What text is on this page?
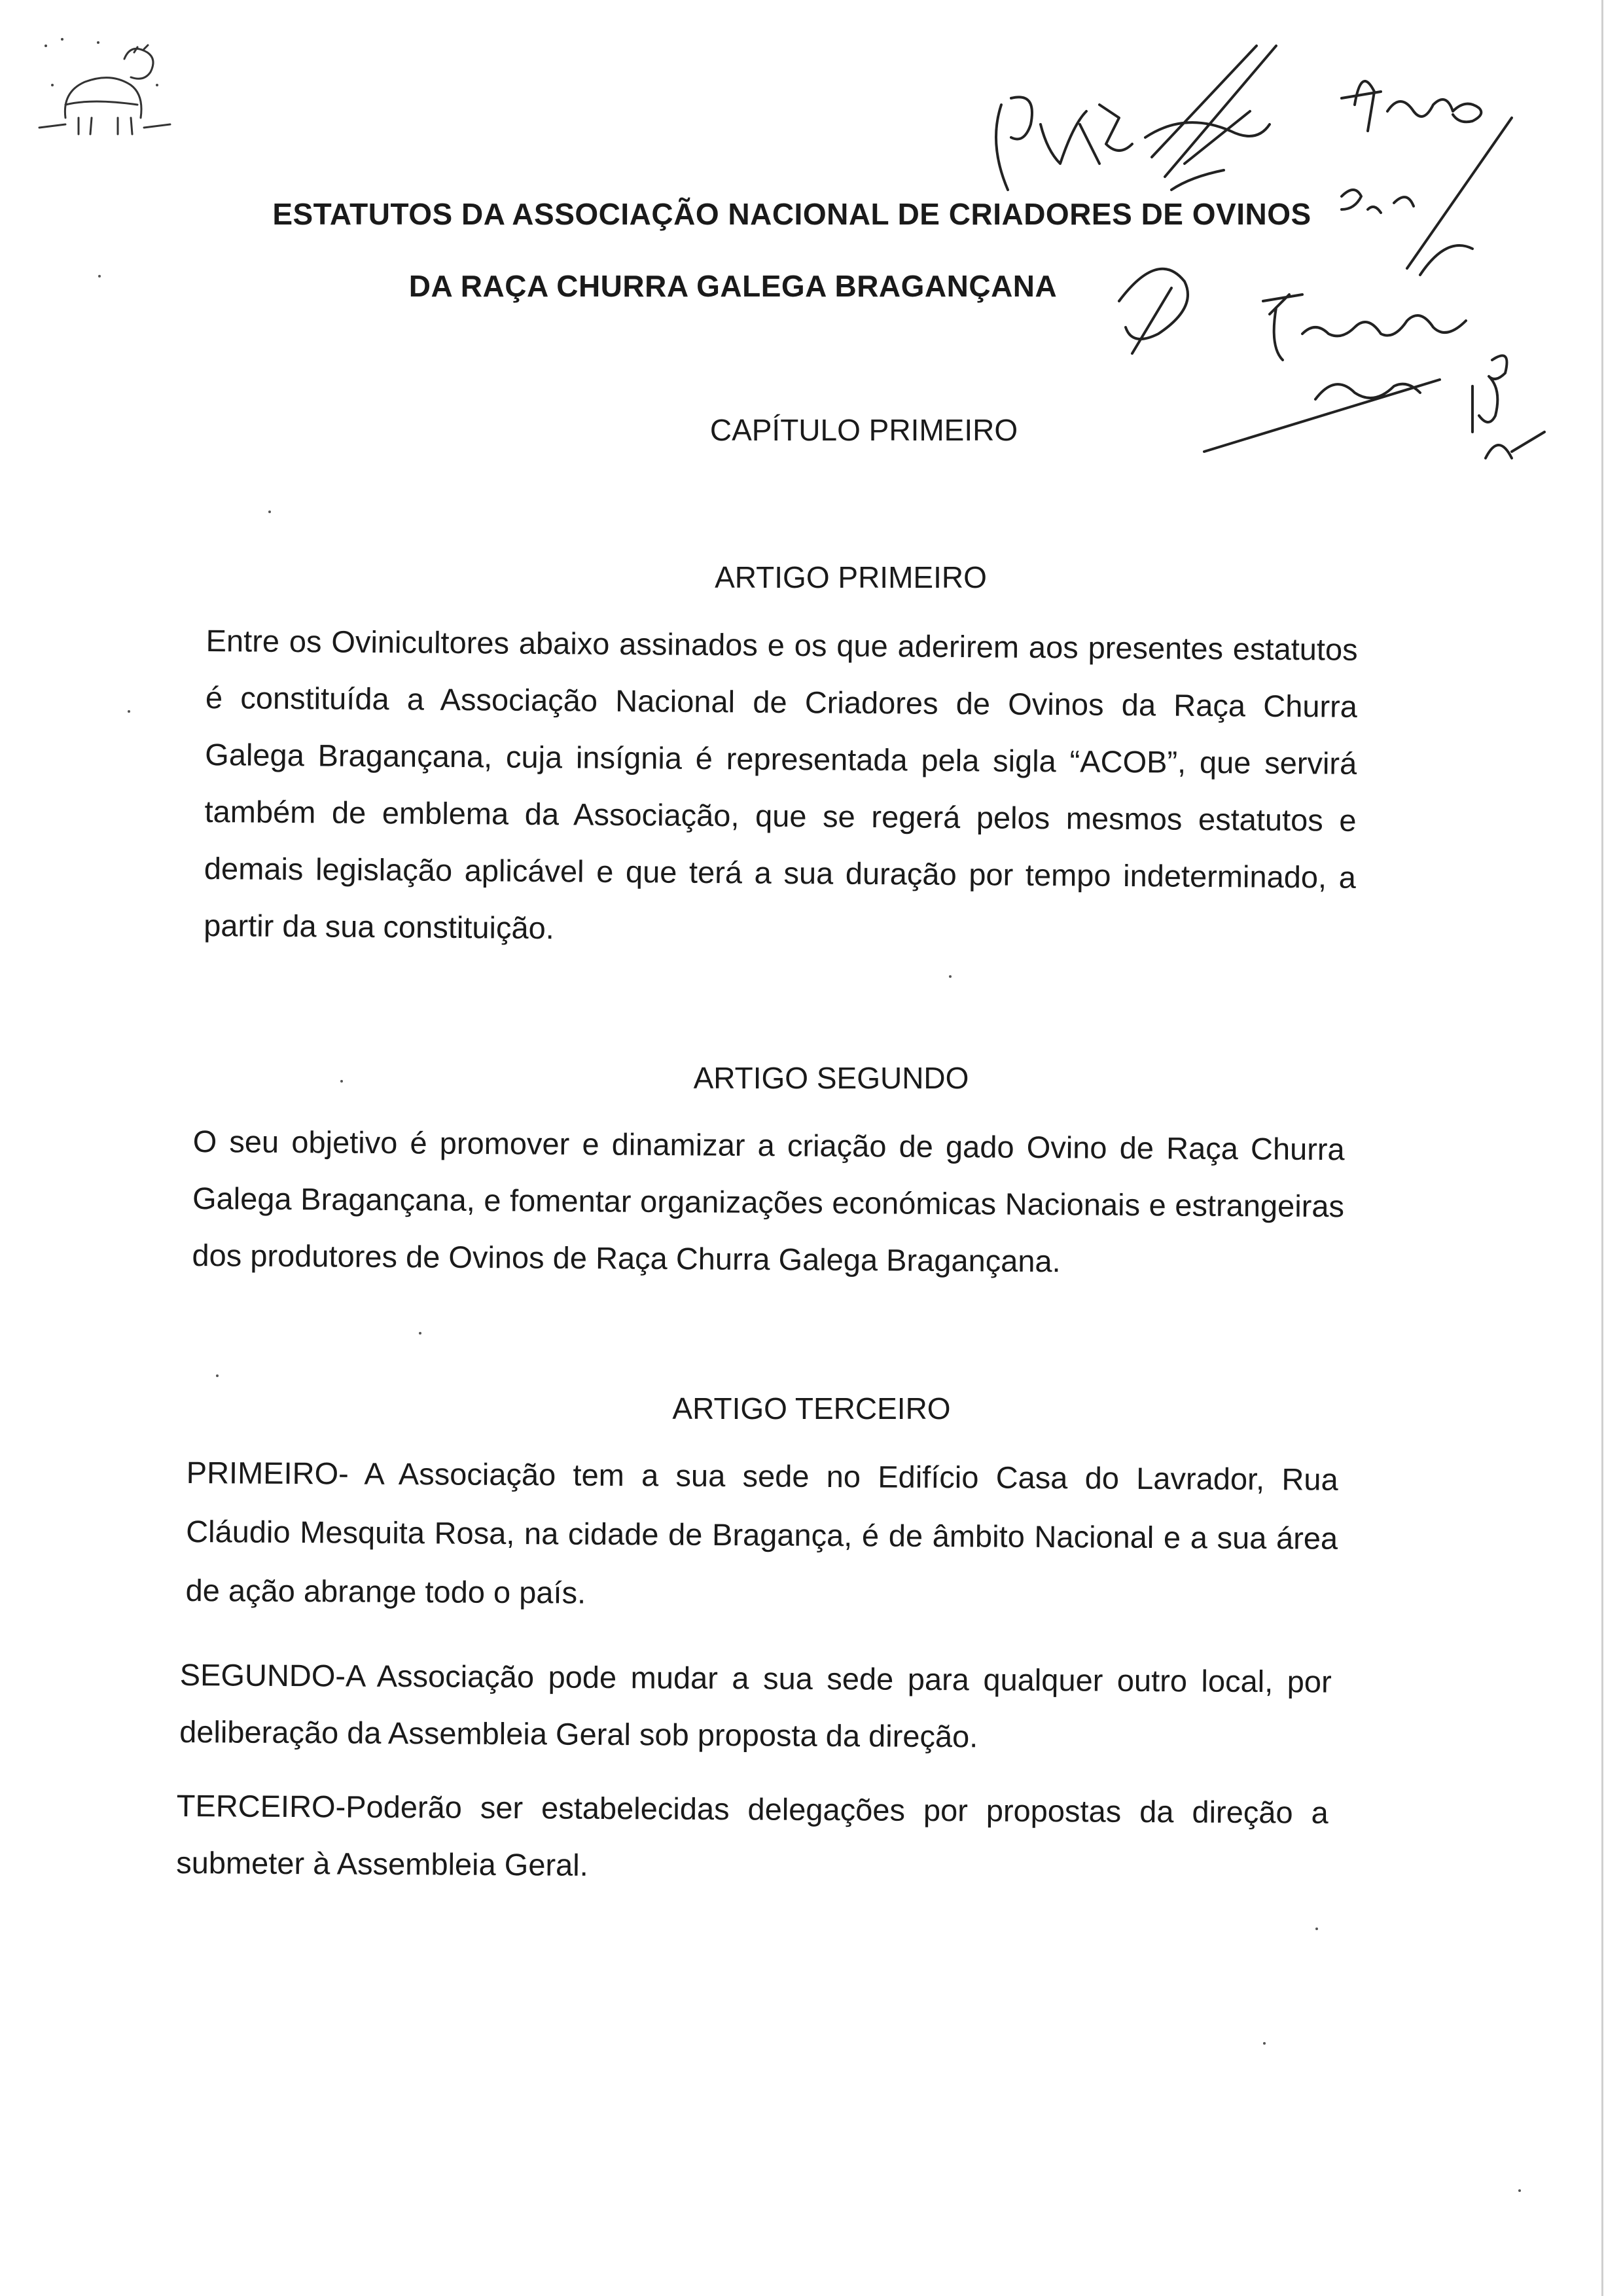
ESTATUTOS DA ASSOCIAÇÃO NACIONAL DE CRIADORES DE OVINOS
DA RAÇA CHURRA GALEGA BRAGANÇANA
CAPÍTULO PRIMEIRO
ARTIGO PRIMEIRO

Entre os Ovinicultores abaixo assinados e os que aderirem aos presentes estatutos é constituída a Associação Nacional de Criadores de Ovinos da Raça Churra Galega Bragançana, cuja insígnia é representada pela sigla “ACOB”, que servirá também de emblema da Associação, que se regerá pelos mesmos estatutos e demais legislação aplicável e que terá a sua duração por tempo indeterminado, a partir da sua constituição.

ARTIGO SEGUNDO

O seu objetivo é promover e dinamizar a criação de gado Ovino de Raça Churra Galega Bragançana, e fomentar organizações económicas Nacionais e estrangeiras dos produtores de Ovinos de Raça Churra Galega Bragançana.

ARTIGO TERCEIRO

PRIMEIRO- A Associação tem a sua sede no Edifício Casa do Lavrador, Rua Cláudio Mesquita Rosa, na cidade de Bragança, é de âmbito Nacional e a sua área de ação abrange todo o país.

SEGUNDO-A Associação pode mudar a sua sede para qualquer outro local, por deliberação da Assembleia Geral sob proposta da direção.

TERCEIRO-Poderão ser estabelecidas delegações por propostas da direção a submeter à Assembleia Geral.
